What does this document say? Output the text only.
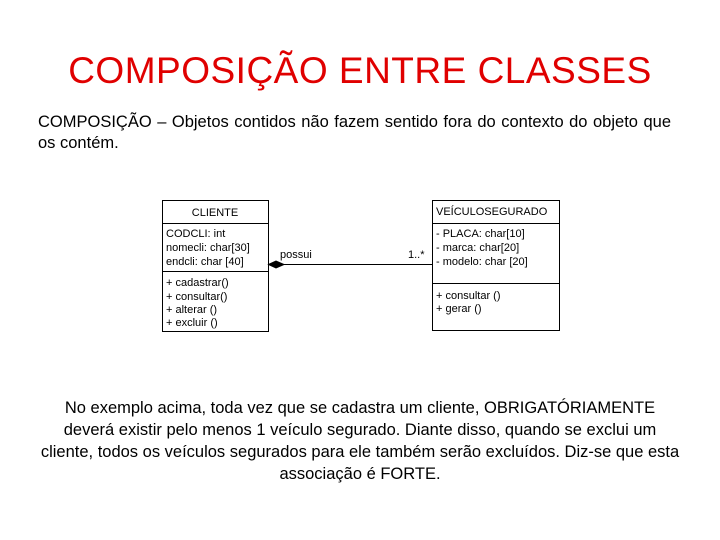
COMPOSIÇÃO ENTRE CLASSES
COMPOSIÇÃO – Objetos contidos não fazem sentido fora do contexto do objeto que os contém.
CLIENTE
CODCLI: int
nomecli: char[30]
endcli: char [40]
+ cadastrar()
+ consultar()
+ alterar ()
+ excluir ()
VEÍCULOSEGURADO
- PLACA: char[10]
- marca: char[20]
- modelo: char [20]
+ consultar ()
+ gerar ()
possui	1..*
No exemplo acima, toda vez que se cadastra um cliente, OBRIGATÓRIAMENTE deverá existir pelo menos 1 veículo segurado. Diante disso, quando se exclui um cliente, todos os veículos segurados para ele também serão excluídos. Diz-se que esta associação é FORTE.
